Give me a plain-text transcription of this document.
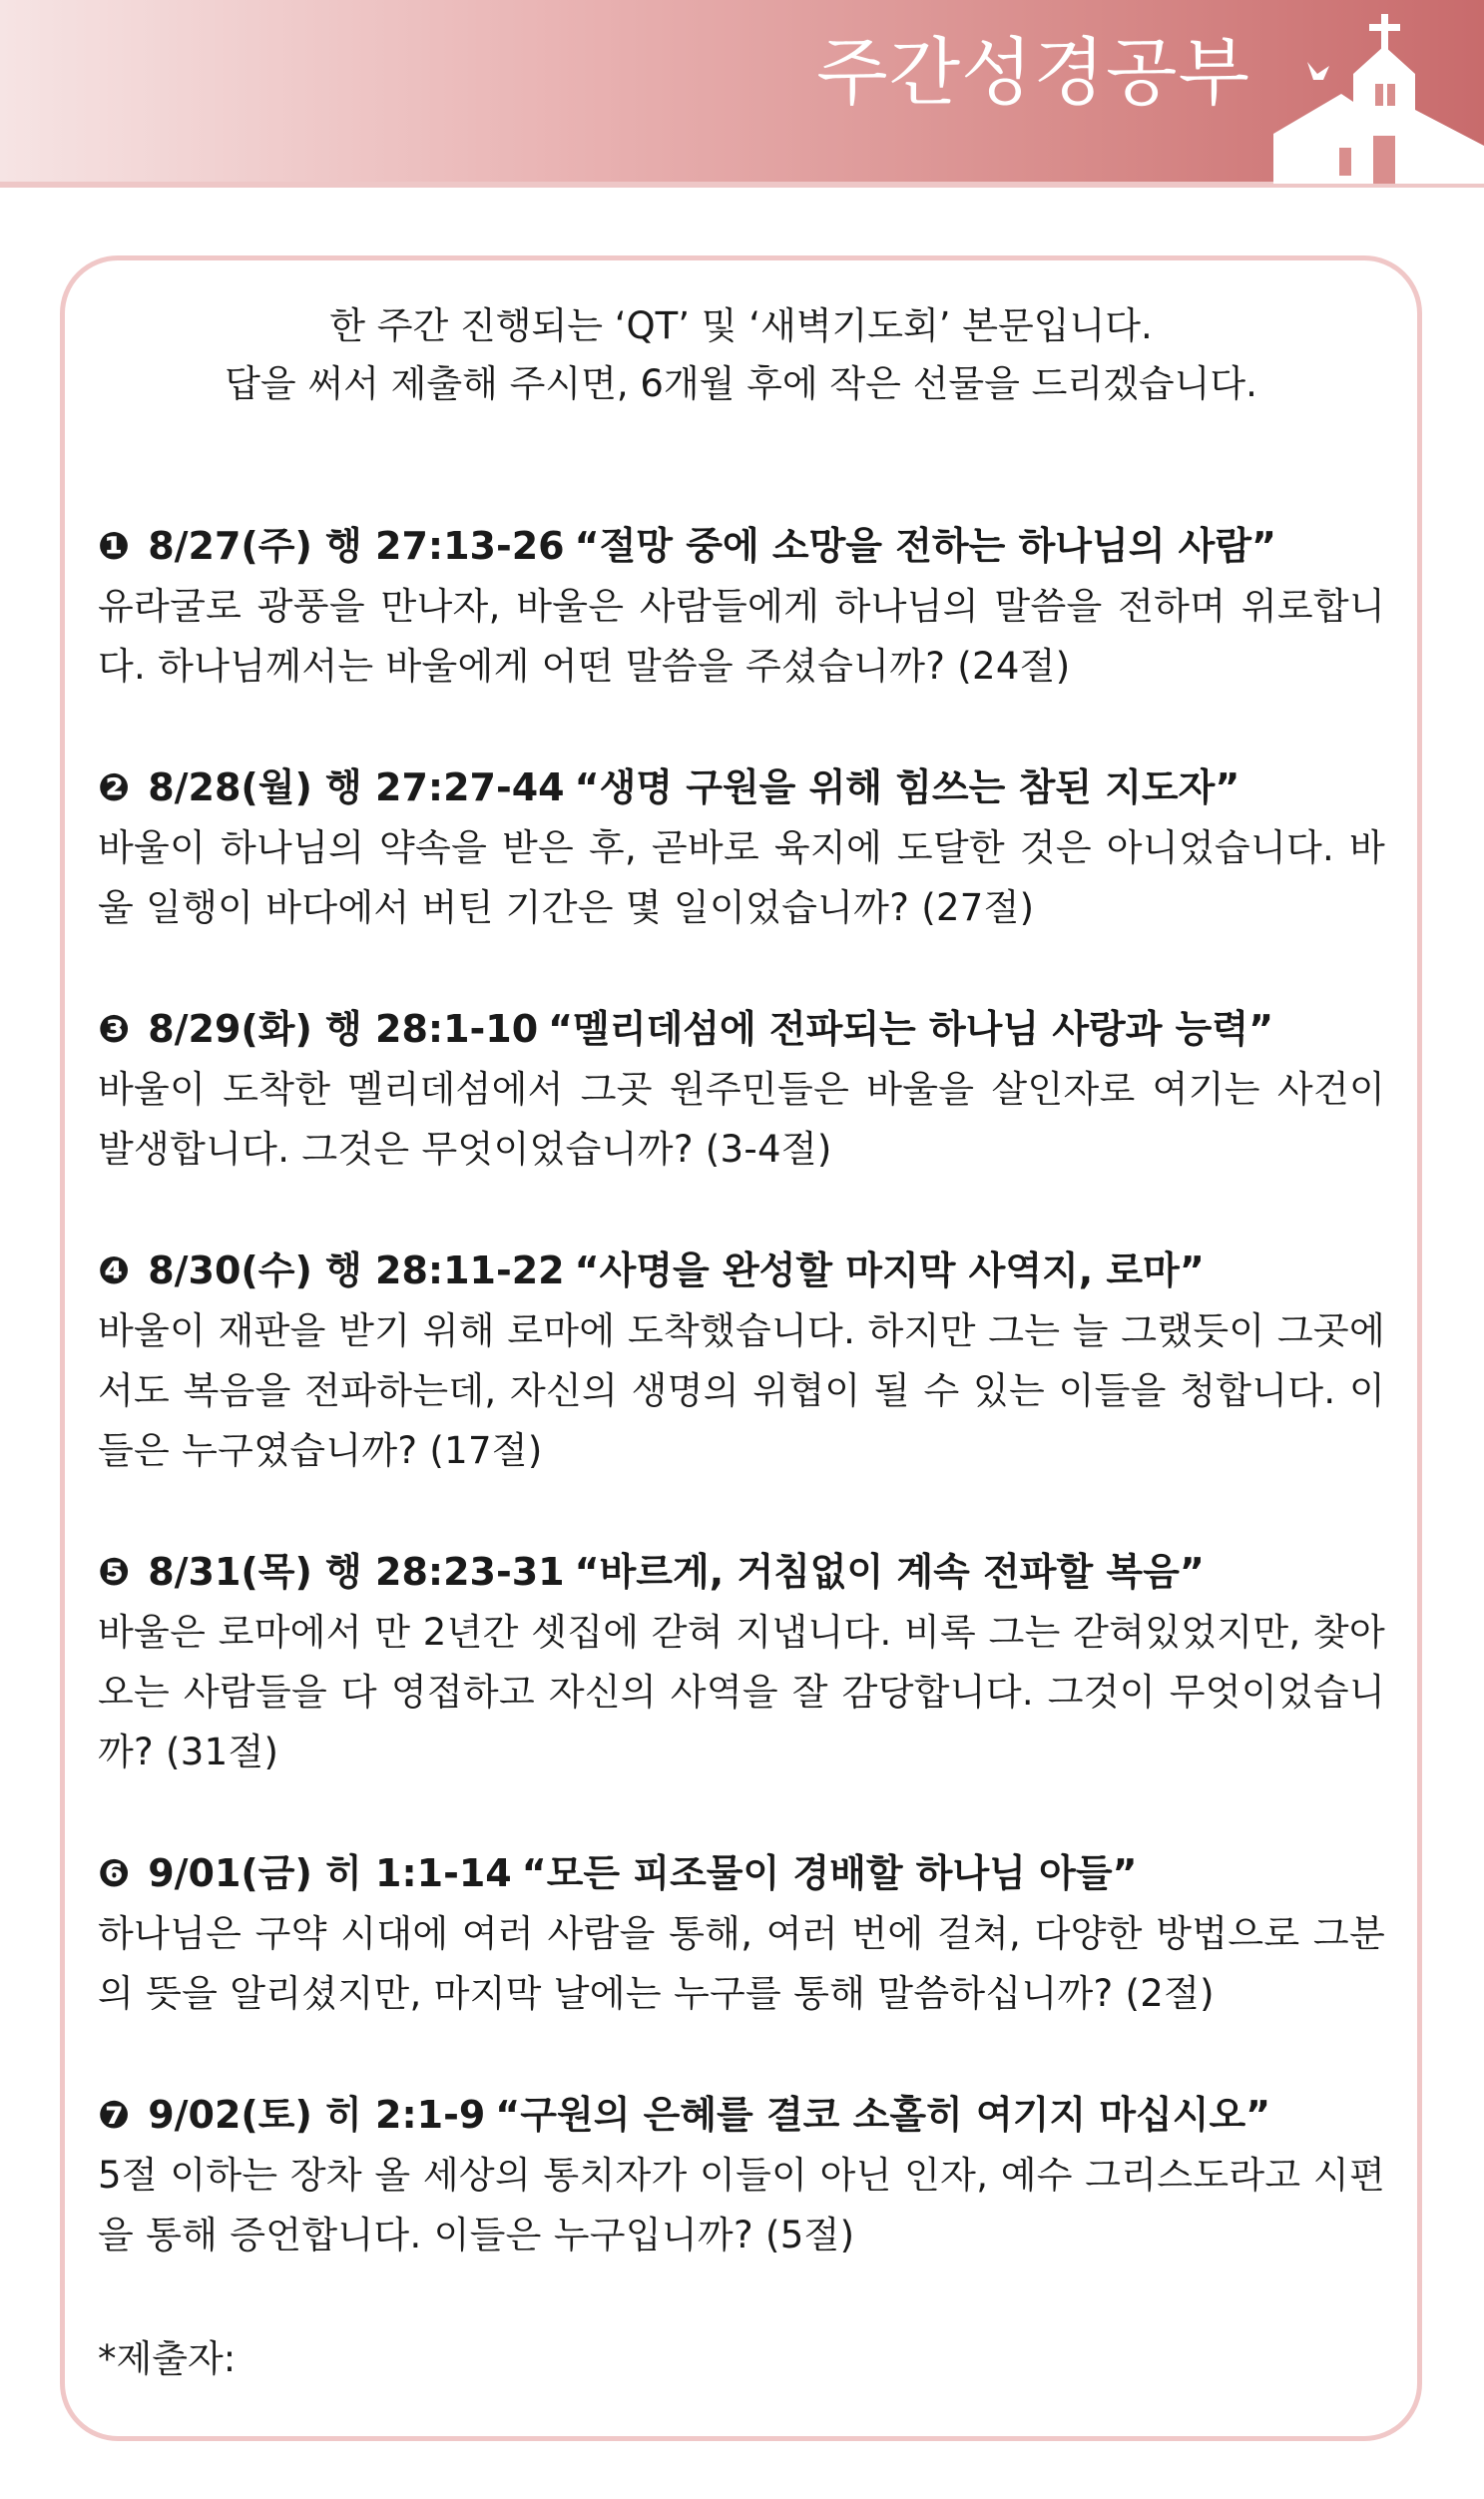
주간성경공부
한 주간 진행되는 ‘QT’ 및 ‘새벽기도회’ 본문입니다.
답을 써서 제출해 주시면, 6개월 후에 작은 선물을 드리겠습니다.
❶ 8/27(주) 행 27:13-26 “절망 중에 소망을 전하는 하나님의 사람”
유라굴로 광풍을 만나자, 바울은 사람들에게 하나님의 말씀을 전하며 위로합니다. 하나님께서는 바울에게 어떤 말씀을 주셨습니까? (24절)
❷ 8/28(월) 행 27:27-44 “생명 구원을 위해 힘쓰는 참된 지도자”
바울이 하나님의 약속을 받은 후, 곧바로 육지에 도달한 것은 아니었습니다. 바울 일행이 바다에서 버틴 기간은 몇 일이었습니까? (27절)
❸ 8/29(화) 행 28:1-10 “멜리데섬에 전파되는 하나님 사랑과 능력”
바울이 도착한 멜리데섬에서 그곳 원주민들은 바울을 살인자로 여기는 사건이 발생합니다. 그것은 무엇이었습니까? (3-4절)
❹ 8/30(수) 행 28:11-22 “사명을 완성할 마지막 사역지, 로마”
바울이 재판을 받기 위해 로마에 도착했습니다. 하지만 그는 늘 그랬듯이 그곳에서도 복음을 전파하는데, 자신의 생명의 위협이 될 수 있는 이들을 청합니다. 이들은 누구였습니까? (17절)
❺ 8/31(목) 행 28:23-31 “바르게, 거침없이 계속 전파할 복음”
바울은 로마에서 만 2년간 셋집에 갇혀 지냅니다. 비록 그는 갇혀있었지만, 찾아오는 사람들을 다 영접하고 자신의 사역을 잘 감당합니다. 그것이 무엇이었습니까? (31절)
❻ 9/01(금) 히 1:1-14 “모든 피조물이 경배할 하나님 아들”
하나님은 구약 시대에 여러 사람을 통해, 여러 번에 걸쳐, 다양한 방법으로 그분의 뜻을 알리셨지만, 마지막 날에는 누구를 통해 말씀하십니까? (2절)
❼ 9/02(토) 히 2:1-9 “구원의 은혜를 결코 소홀히 여기지 마십시오”
5절 이하는 장차 올 세상의 통치자가 이들이 아닌 인자, 예수 그리스도라고 시편을 통해 증언합니다. 이들은 누구입니까? (5절)
*제출자:
